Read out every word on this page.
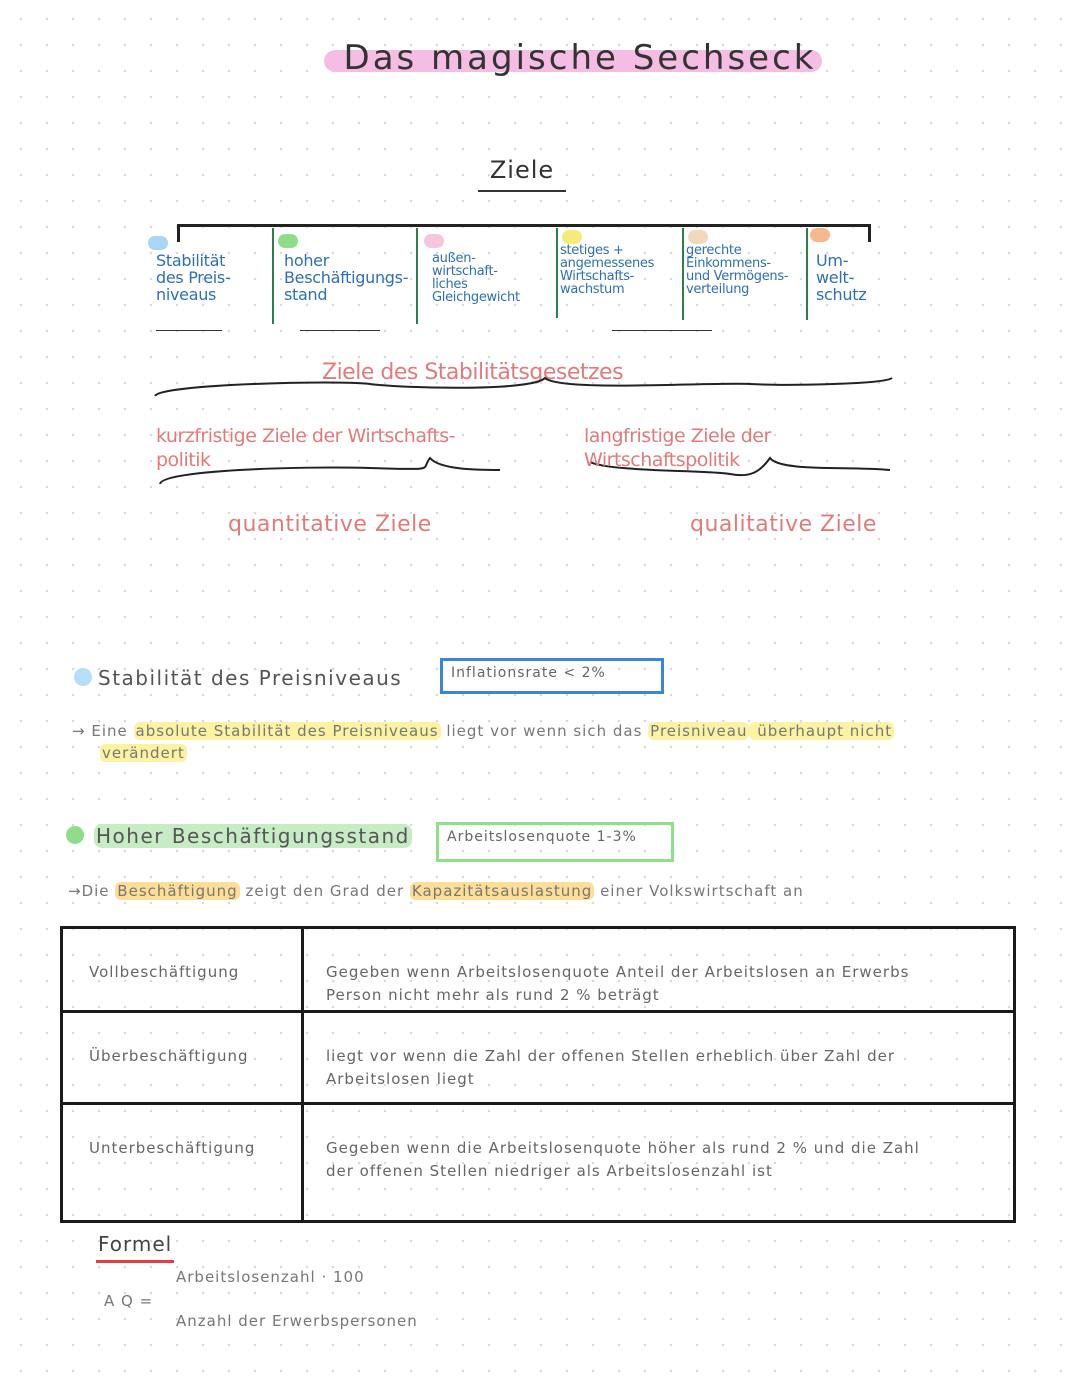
Das magische Sechseck
Ziele
Stabilität
des Preis-
niveaus
hoher
Beschäftigungs-
stand
außen-
wirtschaft-
liches
Gleichgewicht
stetiges +
angemessenes
Wirtschafts-
wachstum
gerechte
Einkommens-
und Vermögens-
verteilung
Um-
welt-
schutz
Ziele des Stabilitätsgesetzes
kurzfristige Ziele der Wirtschafts-
politik
langfristige Ziele der
Wirtschaftspolitik
quantitative Ziele	qualitative Ziele
Stabilität des Preisniveaus	Inflationsrate < 2%
→ Eine absolute Stabilität des Preisniveaus liegt vor wenn sich das Preisniveau überhaupt nicht
verändert
Hoher Beschäftigungsstand	Arbeitslosenquote 1-3%
→Die Beschäftigung zeigt den Grad der Kapazitätsauslastung einer Volkswirtschaft an
Vollbeschäftigung	Gegeben wenn Arbeitslosenquote Anteil der Arbeitslosen an Erwerbs Person nicht mehr als rund 2 % beträgt
Überbeschäftigung	liegt vor wenn die Zahl der offenen Stellen erheblich über Zahl der Arbeitslosen liegt
Unterbeschäftigung	Gegeben wenn die Arbeitslosenquote höher als rund 2 % und die Zahl der offenen Stellen niedriger als Arbeitslosenzahl ist
Formel
Arbeitslosenzahl · 100
A Q =
Anzahl der Erwerbspersonen
